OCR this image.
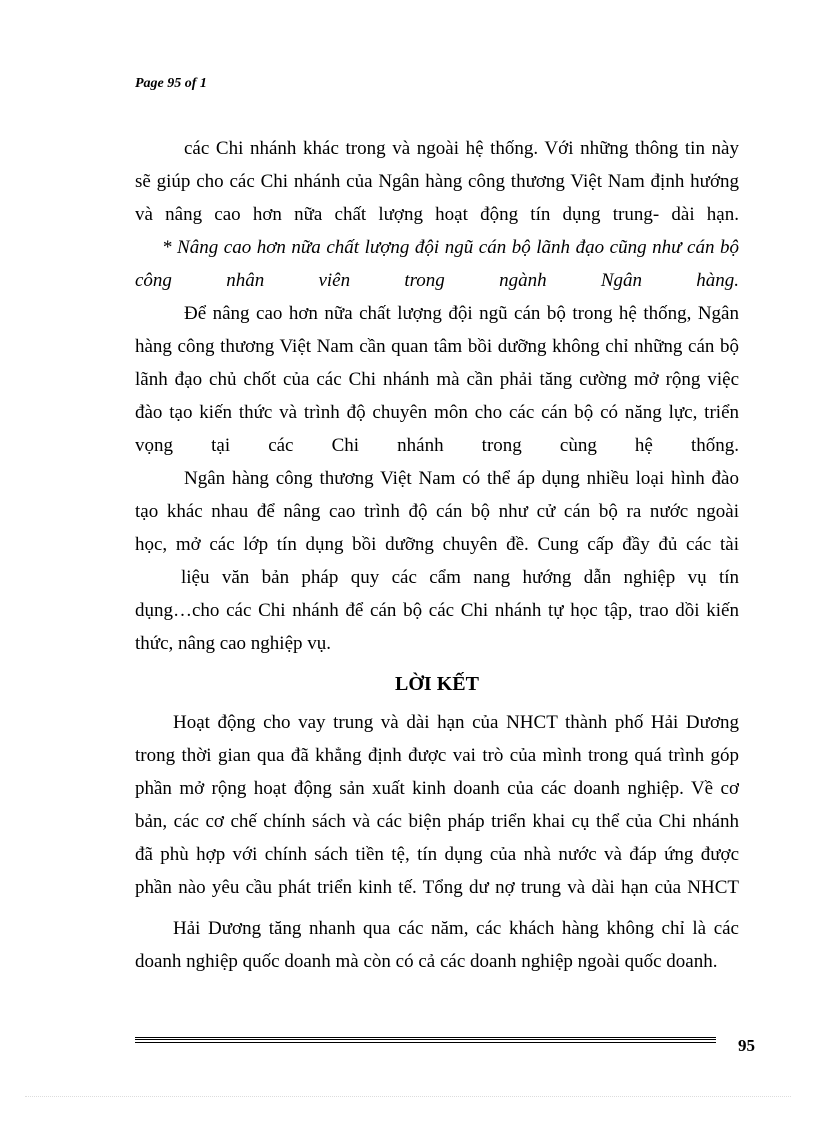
Page 95 of 1
các Chi nhánh khác trong và ngoài hệ thống. Với những thông tin này
sẽ giúp cho các Chi nhánh của Ngân hàng công thương Việt Nam định hướng
và nâng cao hơn nữa chất lượng hoạt động tín dụng trung- dài hạn.
* Nâng cao hơn nữa chất lượng đội ngũ cán bộ lãnh đạo cũng như cán bộ
công nhân viên trong ngành Ngân hàng.
Để nâng cao hơn nữa chất lượng đội ngũ cán bộ trong hệ thống, Ngân
hàng công thương Việt Nam cần quan tâm bồi dưỡng không chỉ những cán bộ
lãnh đạo chủ chốt của các Chi nhánh mà cần phải tăng cường mở rộng việc
đào tạo kiến thức và trình độ chuyên môn cho các cán bộ có năng lực, triển
vọng tại các Chi nhánh trong cùng hệ thống.
Ngân hàng công thương Việt Nam có thể áp dụng nhiều loại hình đào
tạo khác nhau để nâng cao trình độ cán bộ như cử cán bộ ra nước ngoài
học, mở các lớp tín dụng bồi dưỡng chuyên đề. Cung cấp đầy đủ các tài
liệu văn bản pháp quy các cẩm nang hướng dẫn nghiệp vụ tín
dụng…cho các Chi nhánh để cán bộ các Chi nhánh tự học tập, trao dồi kiến
thức, nâng cao nghiệp vụ.
LỜI KẾT
Hoạt động cho vay trung và dài hạn của NHCT thành phố Hải Dương
trong thời gian qua đã khẳng định được vai trò của mình trong quá trình góp
phần mở rộng hoạt động sản xuất kinh doanh của các doanh nghiệp. Về cơ
bản, các cơ chế chính sách và các biện pháp triển khai cụ thể của Chi nhánh
đã phù hợp với chính sách tiền tệ, tín dụng của nhà nước và đáp ứng được
phần nào yêu cầu phát triển kinh tế. Tổng dư nợ trung và dài hạn của NHCT
Hải Dương tăng nhanh qua các năm, các khách hàng không chỉ là các
doanh nghiệp quốc doanh mà còn có cả các doanh nghiệp ngoài quốc doanh.
95
